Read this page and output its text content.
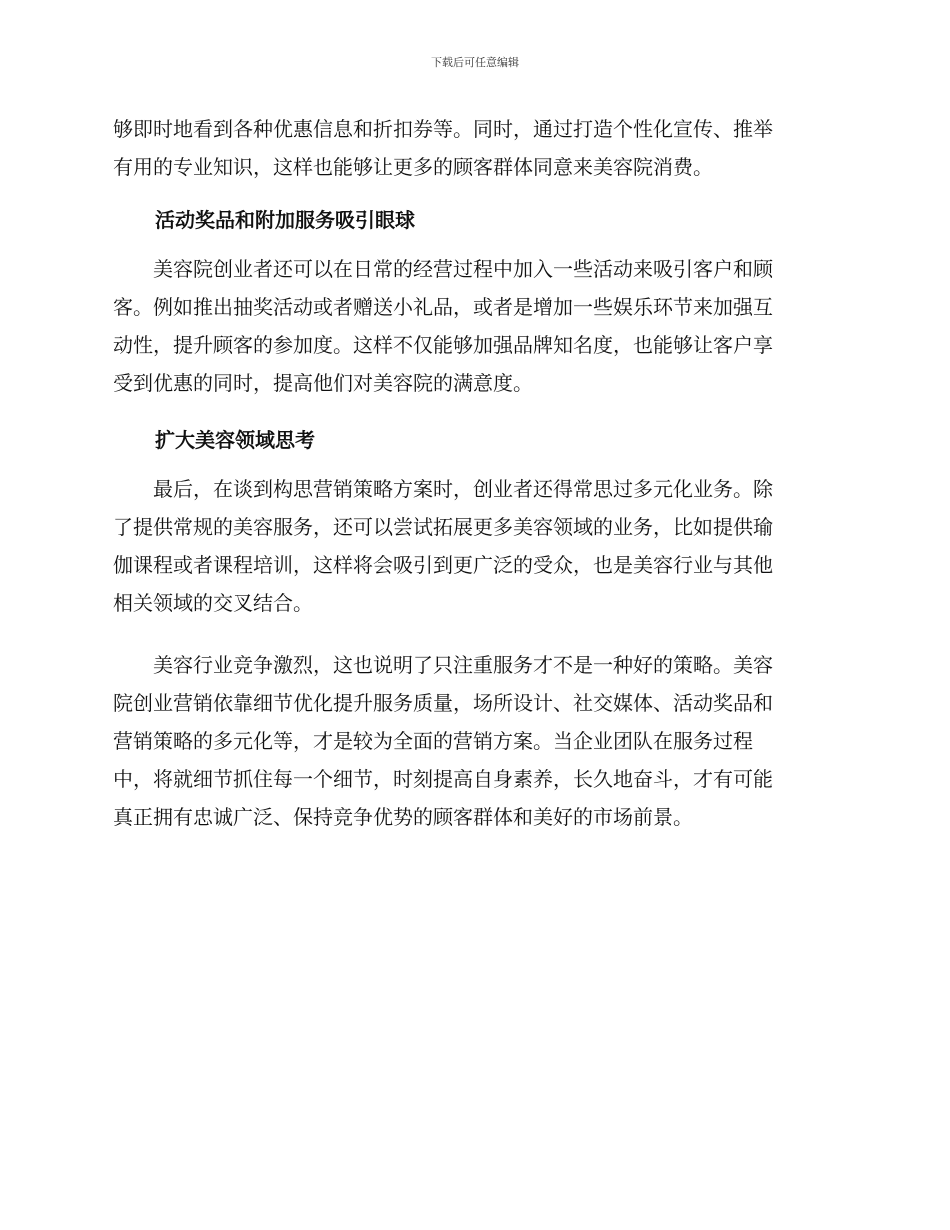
下载后可任意编辑

够即时地看到各种优惠信息和折扣券等。同时，通过打造个性化宣传、推举
有用的专业知识，这样也能够让更多的顾客群体同意来美容院消费。

活动奖品和附加服务吸引眼球

　　美容院创业者还可以在日常的经营过程中加入一些活动来吸引客户和顾
客。例如推出抽奖活动或者赠送小礼品，或者是增加一些娱乐环节来加强互
动性，提升顾客的参加度。这样不仅能够加强品牌知名度，也能够让客户享
受到优惠的同时，提高他们对美容院的满意度。

扩大美容领域思考

　　最后，在谈到构思营销策略方案时，创业者还得常思过多元化业务。除
了提供常规的美容服务，还可以尝试拓展更多美容领域的业务，比如提供瑜
伽课程或者课程培训，这样将会吸引到更广泛的受众，也是美容行业与其他
相关领域的交叉结合。

　　美容行业竞争激烈，这也说明了只注重服务才不是一种好的策略。美容
院创业营销依靠细节优化提升服务质量，场所设计、社交媒体、活动奖品和
营销策略的多元化等，才是较为全面的营销方案。当企业团队在服务过程
中，将就细节抓住每一个细节，时刻提高自身素养，长久地奋斗，才有可能
真正拥有忠诚广泛、保持竞争优势的顾客群体和美好的市场前景。
